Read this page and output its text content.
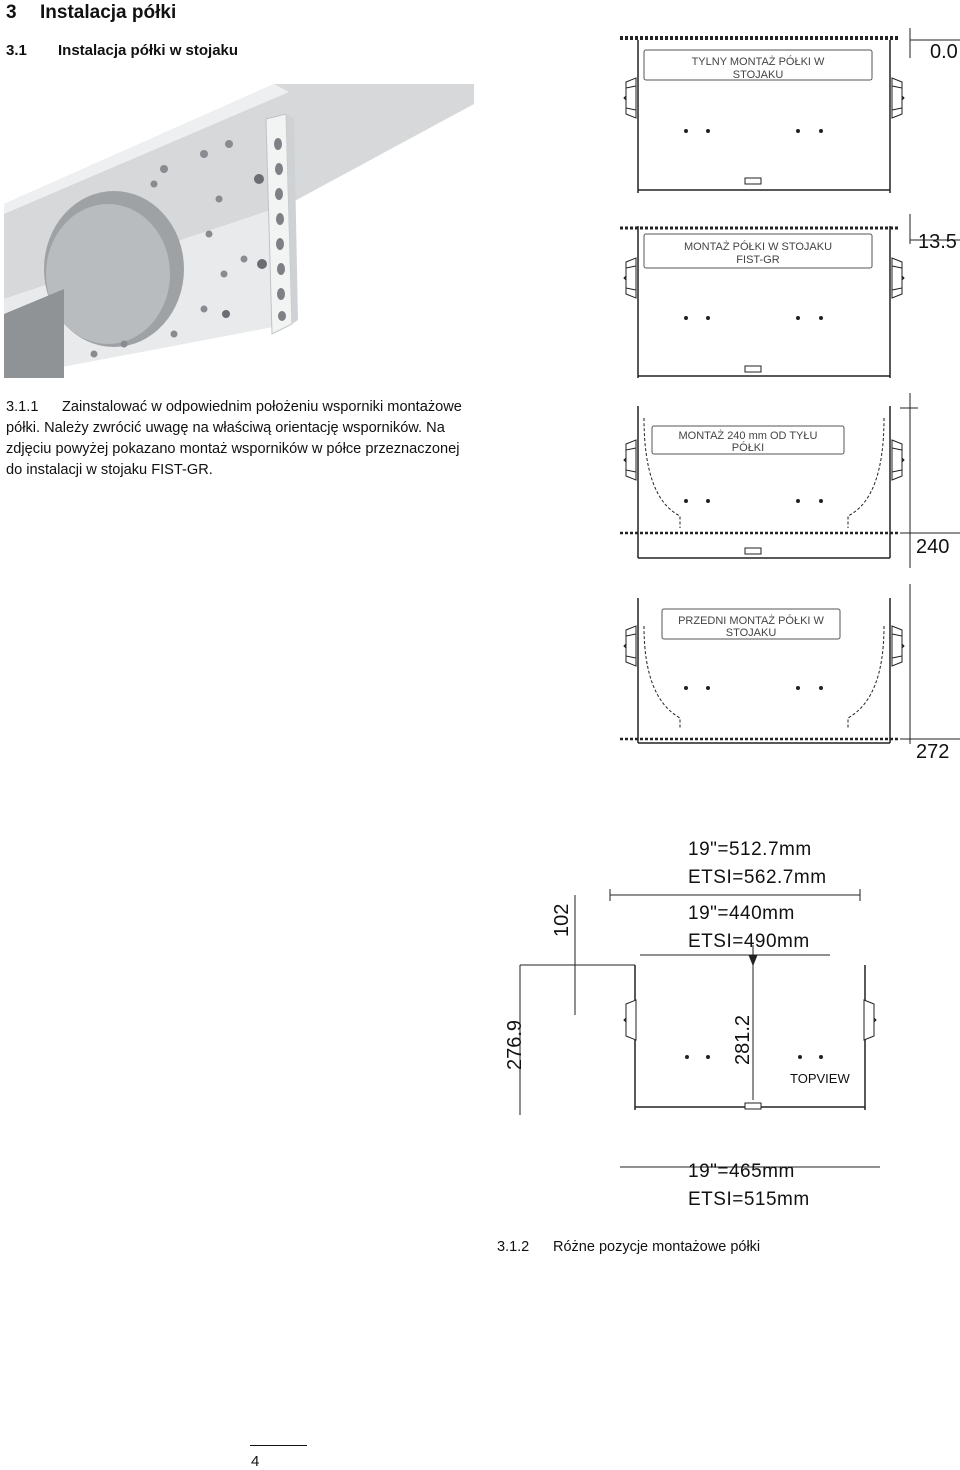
3 Instalacja półki
3.1 Instalacja półki w stojaku
3.1.1 Zainstalować w odpowiednim położeniu wsporniki montażowe półki. Należy zwrócić uwagę na właściwą orientację wsporników. Na zdjęciu powyżej pokazano montaż wsporników w półce przeznaczonej do instalacji w stojaku FIST-GR.
TYLNY MONTAŻ PÓŁKI W
STOJAKU
0.0
MONTAŻ PÓŁKI W STOJAKU
FIST-GR
13.5
MONTAŻ 240 mm OD TYŁU
PÓŁKI
240
PRZEDNI MONTAŻ PÓŁKI W
STOJAKU
272
19"=512.7mm
ETSI=562.7mm
19"=440mm
ETSI=490mm
102
276.9	281.2
TOPVIEW
19"=465mm
ETSI=515mm
3.1.2 Różne pozycje montażowe półki
4
